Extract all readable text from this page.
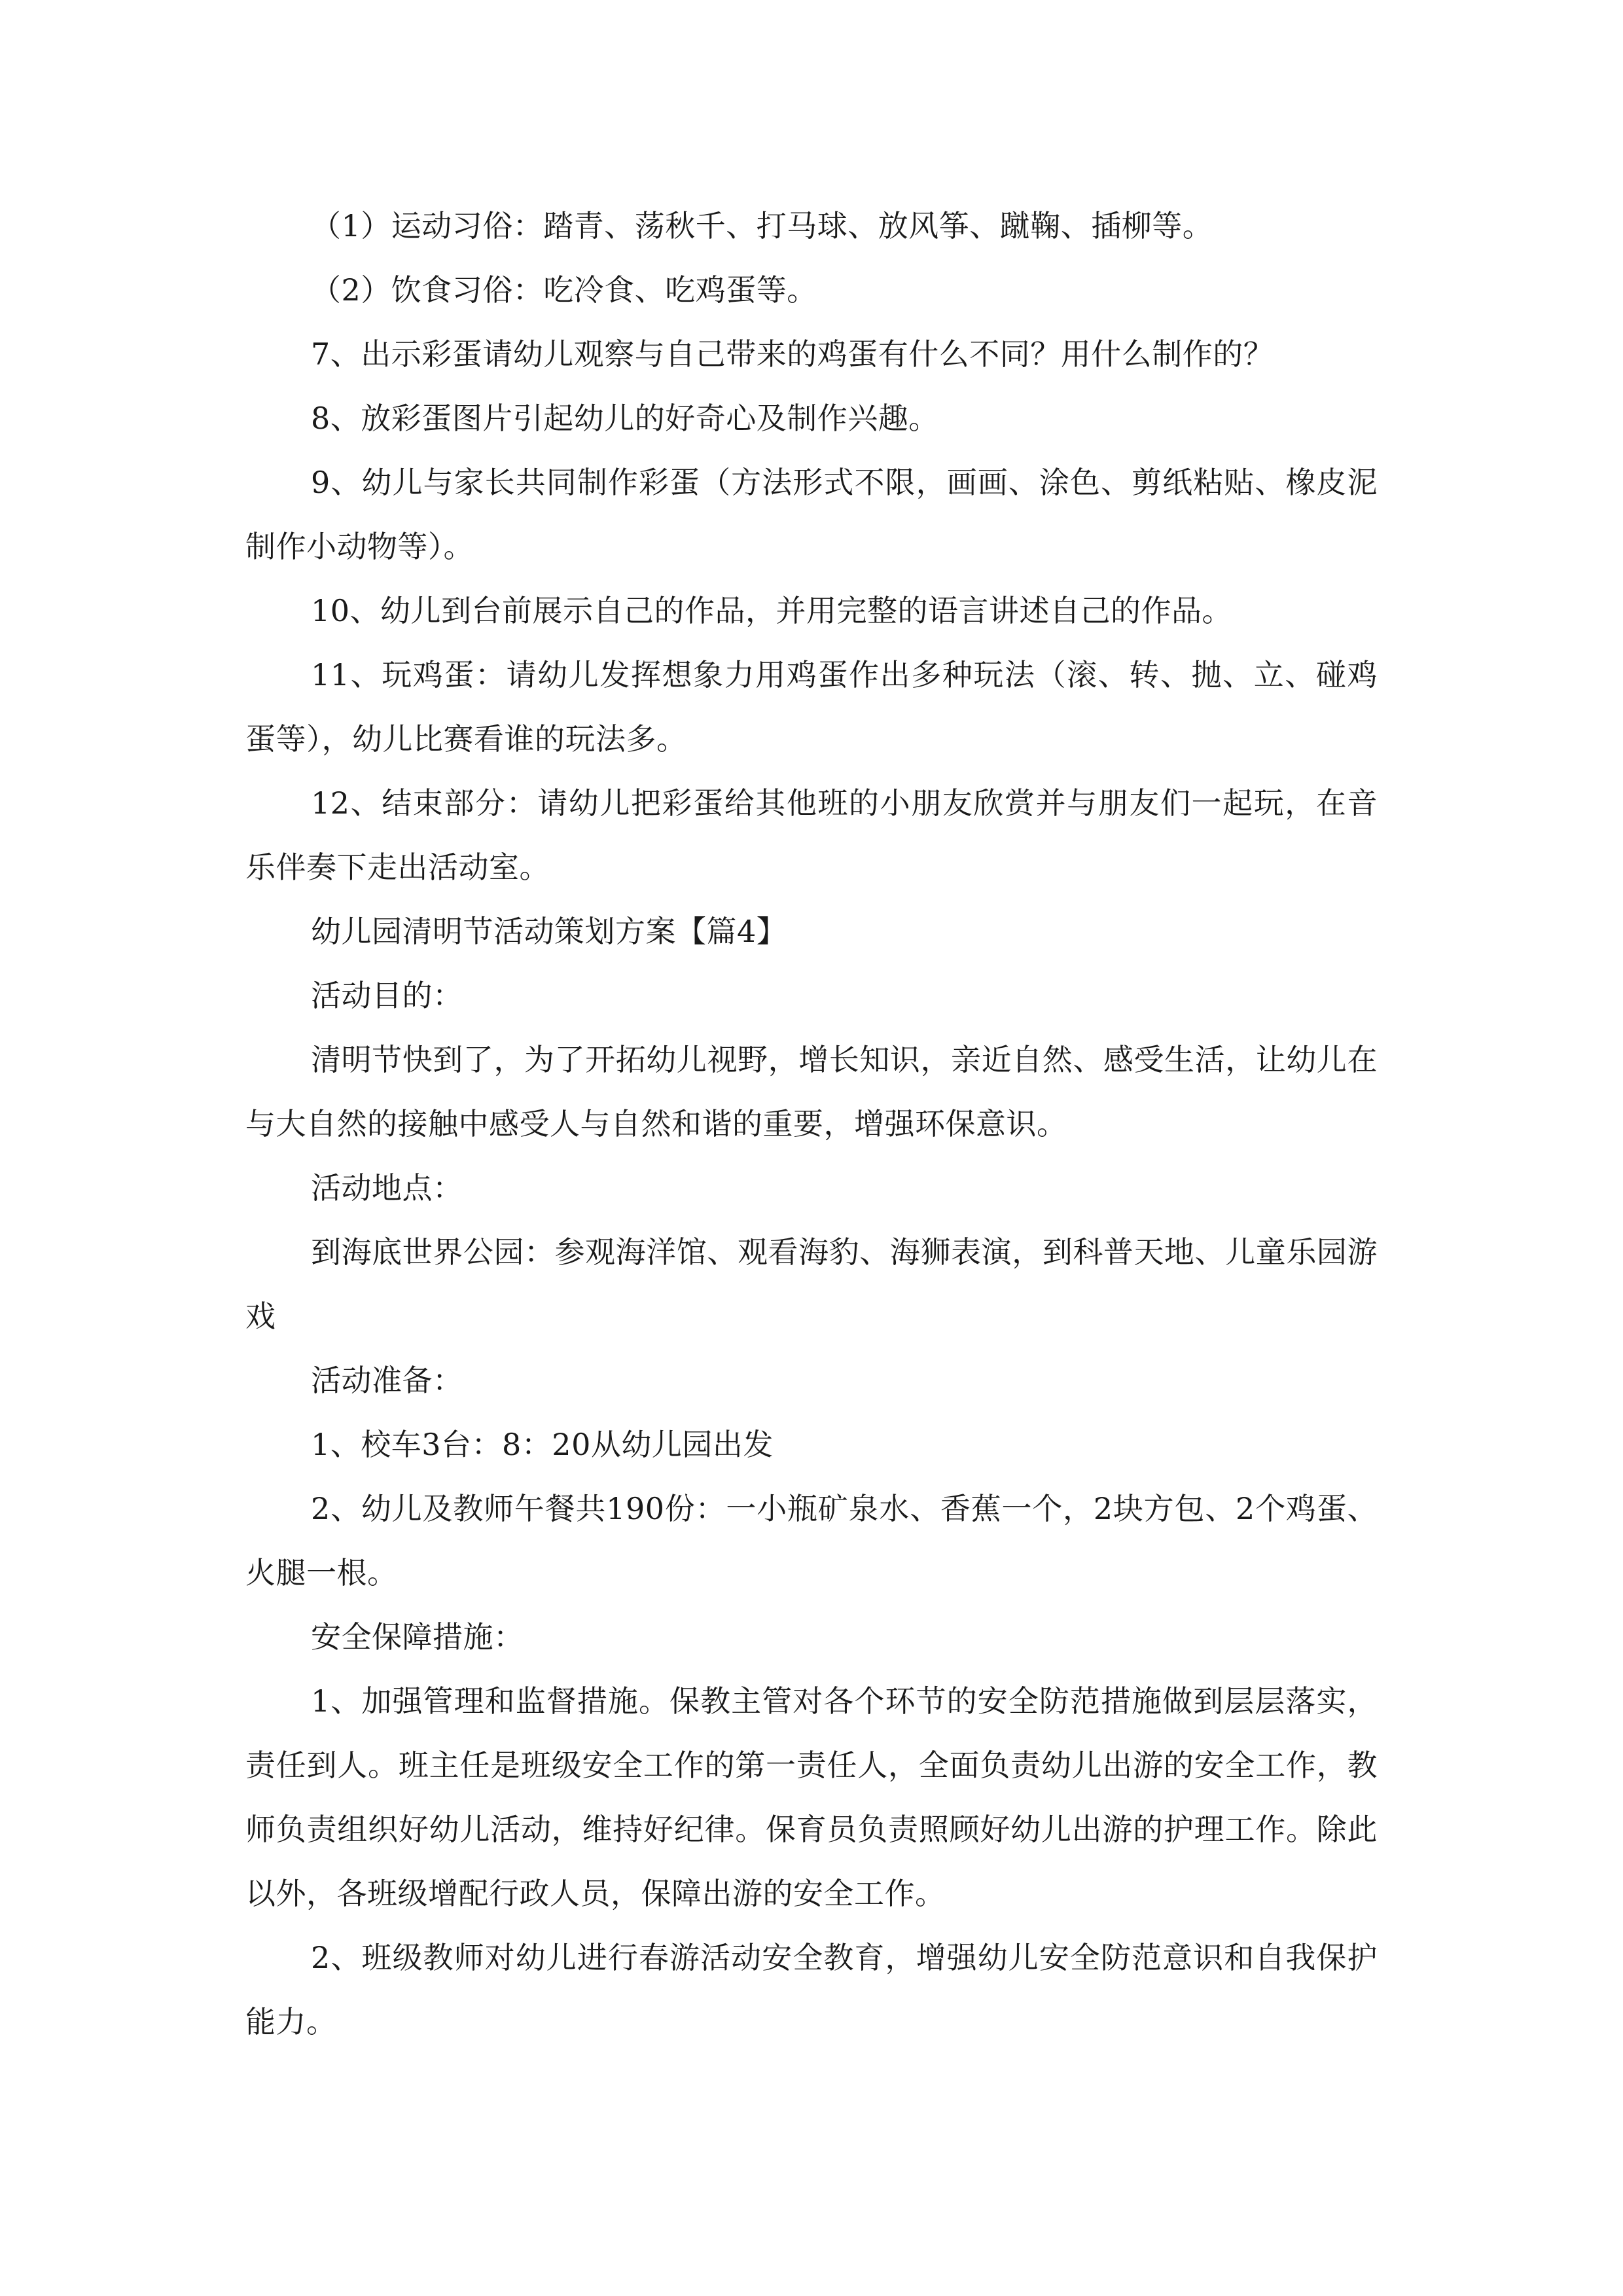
（1）运动习俗：踏青、荡秋千、打马球、放风筝、蹴鞠、插柳等。

（2）饮食习俗：吃冷食、吃鸡蛋等。

7、出示彩蛋请幼儿观察与自己带来的鸡蛋有什么不同？用什么制作的？

8、放彩蛋图片引起幼儿的好奇心及制作兴趣。

9、幼儿与家长共同制作彩蛋（方法形式不限，画画、涂色、剪纸粘贴、橡皮泥制作小动物等）。

10、幼儿到台前展示自己的作品，并用完整的语言讲述自己的作品。

11、玩鸡蛋：请幼儿发挥想象力用鸡蛋作出多种玩法（滚、转、抛、立、碰鸡蛋等），幼儿比赛看谁的玩法多。

12、结束部分：请幼儿把彩蛋给其他班的小朋友欣赏并与朋友们一起玩，在音乐伴奏下走出活动室。

幼儿园清明节活动策划方案【篇4】

活动目的：

清明节快到了，为了开拓幼儿视野，增长知识，亲近自然、感受生活，让幼儿在与大自然的接触中感受人与自然和谐的重要，增强环保意识。

活动地点：

到海底世界公园：参观海洋馆、观看海豹、海狮表演，到科普天地、儿童乐园游戏

活动准备：

1、校车3台：8：20从幼儿园出发

2、幼儿及教师午餐共190份：一小瓶矿泉水、香蕉一个，2块方包、2个鸡蛋、火腿一根。

安全保障措施：

1、加强管理和监督措施。保教主管对各个环节的安全防范措施做到层层落实，责任到人。班主任是班级安全工作的第一责任人，全面负责幼儿出游的安全工作，教师负责组织好幼儿活动，维持好纪律。保育员负责照顾好幼儿出游的护理工作。除此以外，各班级增配行政人员，保障出游的安全工作。

2、班级教师对幼儿进行春游活动安全教育，增强幼儿安全防范意识和自我保护能力。
